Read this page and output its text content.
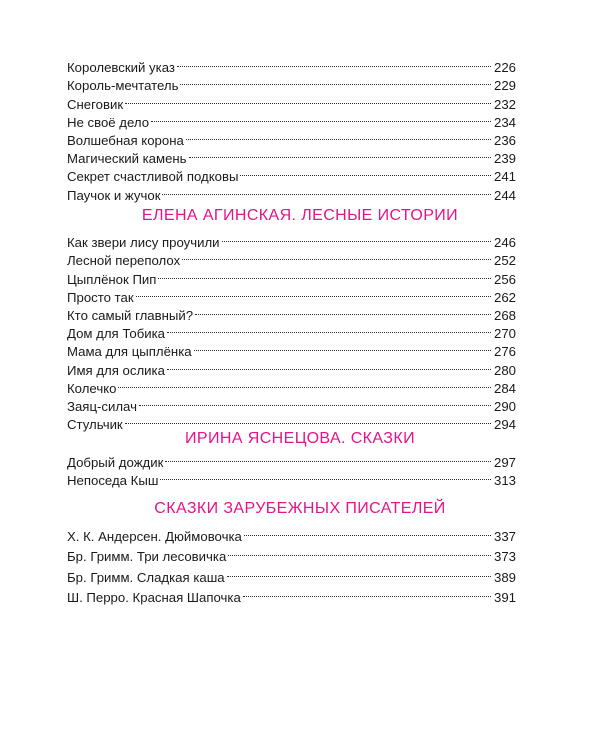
Королевский указ	226
Король-мечтатель	229
Снеговик	232
Не своё дело	234
Волшебная корона	236
Магический камень	239
Секрет счастливой подковы	241
Паучок и жучок	244
ЕЛЕНА АГИНСКАЯ. ЛЕСНЫЕ ИСТОРИИ
Как звери лису проучили	246
Лесной переполох	252
Цыплёнок Пип	256
Просто так	262
Кто самый главный?	268
Дом для Тобика	270
Мама для цыплёнка	276
Имя для ослика	280
Колечко	284
Заяц-силач	290
Стульчик	294
ИРИНА ЯСНЕЦОВА. СКАЗКИ
Добрый дождик	297
Непоседа Кыш	313
СКАЗКИ ЗАРУБЕЖНЫХ ПИСАТЕЛЕЙ
Х. К. Андерсен. Дюймовочка	337
Бр. Гримм. Три лесовичка	373
Бр. Гримм. Сладкая каша	389
Ш. Перро. Красная Шапочка	391
